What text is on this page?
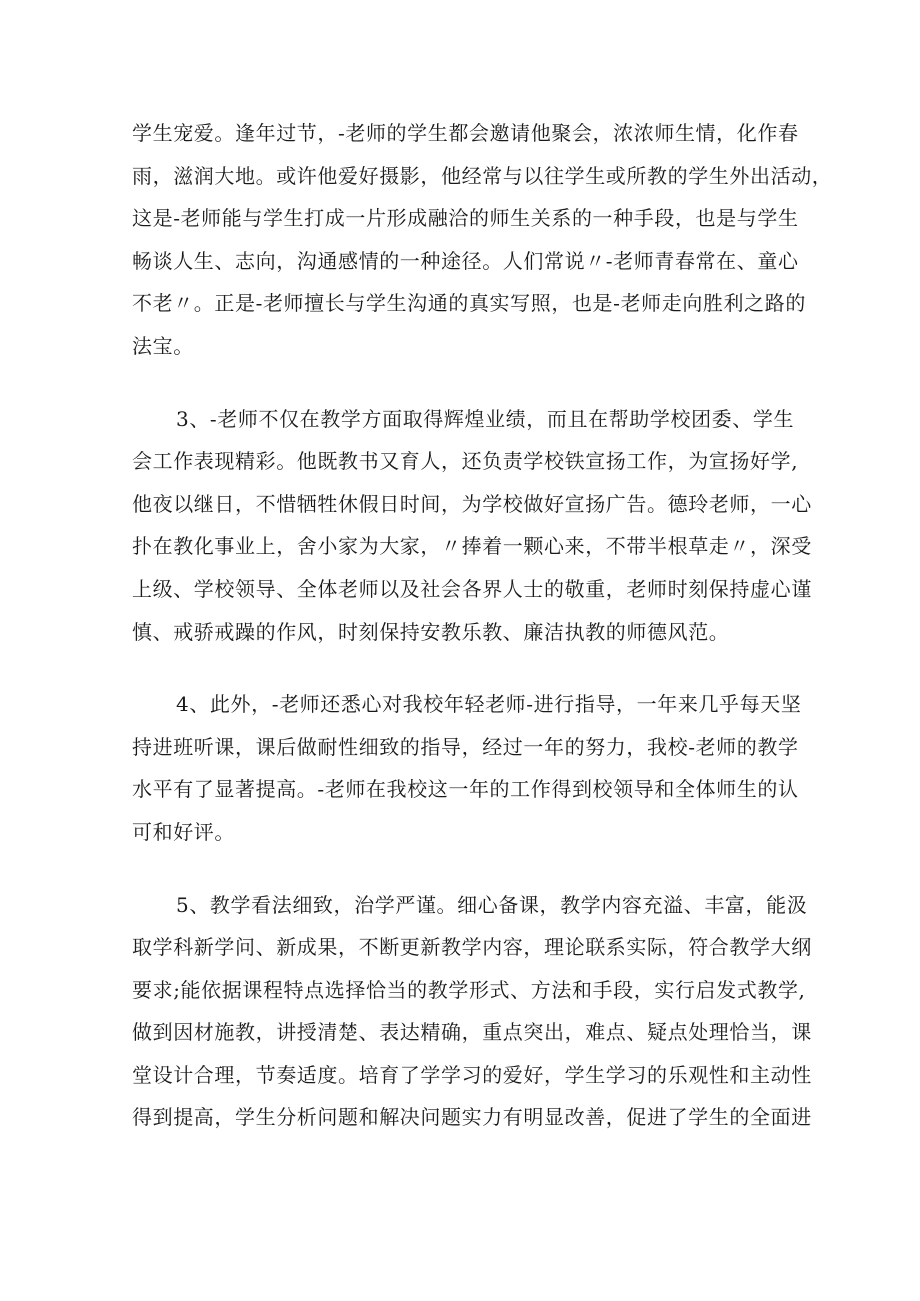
学生宠爱。逢年过节，-老师的学生都会邀请他聚会，浓浓师生情，化作春
雨，滋润大地。或许他爱好摄影，他经常与以往学生或所教的学生外出活动，
这是-老师能与学生打成一片形成融洽的师生关系的一种手段，也是与学生
畅谈人生、志向，沟通感情的一种途径。人们常说〃-老师青春常在、童心
不老〃。正是-老师擅长与学生沟通的真实写照，也是-老师走向胜利之路的
法宝。
3、-老师不仅在教学方面取得辉煌业绩，而且在帮助学校团委、学生
会工作表现精彩。他既教书又育人，还负责学校铁宣扬工作，为宣扬好学,
他夜以继日，不惜牺牲休假日时间，为学校做好宣扬广告。德玲老师，一心
扑在教化事业上，舍小家为大家，〃捧着一颗心来，不带半根草走〃，深受
上级、学校领导、全体老师以及社会各界人士的敬重，老师时刻保持虚心谨
慎、戒骄戒躁的作风，时刻保持安教乐教、廉洁执教的师德风范。
4、此外，-老师还悉心对我校年轻老师-进行指导，一年来几乎每天坚
持进班听课，课后做耐性细致的指导，经过一年的努力，我校-老师的教学
水平有了显著提高。-老师在我校这一年的工作得到校领导和全体师生的认
可和好评。
5、教学看法细致，治学严谨。细心备课，教学内容充溢、丰富，能汲
取学科新学问、新成果，不断更新教学内容，理论联系实际，符合教学大纲
要求;能依据课程特点选择恰当的教学形式、方法和手段，实行启发式教学,
做到因材施教，讲授清楚、表达精确，重点突出，难点、疑点处理恰当，课
堂设计合理，节奏适度。培育了学学习的爱好，学生学习的乐观性和主动性
得到提高，学生分析问题和解决问题实力有明显改善，促进了学生的全面进
